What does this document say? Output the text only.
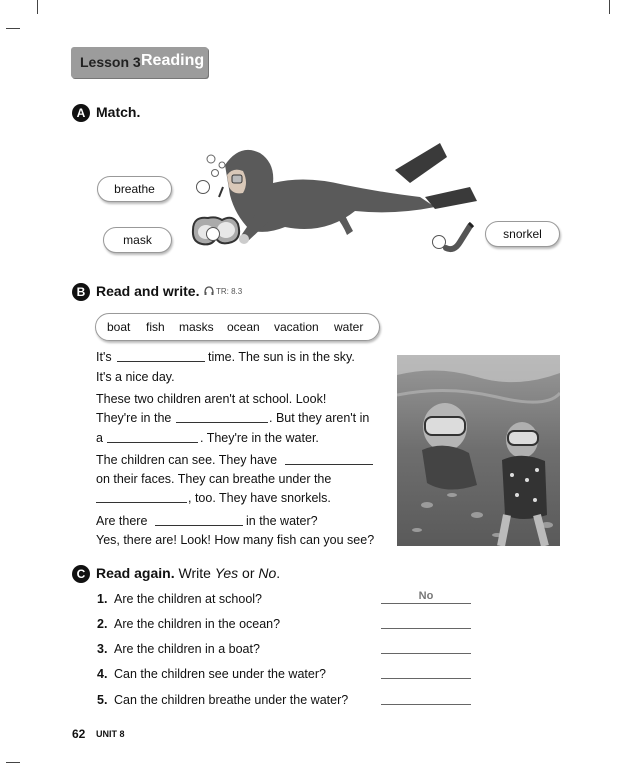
Lesson 3 Reading
A Match.
breathe
mask	snorkel
B Read and write. TR: 8.3
boat fish masks ocean vacation water
It's	time. The sun is in the sky.
It's a nice day.
These two children aren't at school. Look!
They're in the	. But they aren't in
a	. They're in the water.
The children can see. They have
on their faces. They can breathe under the
, too. They have snorkels.
Are there	in the water?
Yes, there are! Look! How many fish can you see?
C Read again. Write Yes or No.
1. Are the children at school?	No
2. Are the children in the ocean?
3. Are the children in a boat?
4. Can the children see under the water?
5. Can the children breathe under the water?
62 UNIT 8
